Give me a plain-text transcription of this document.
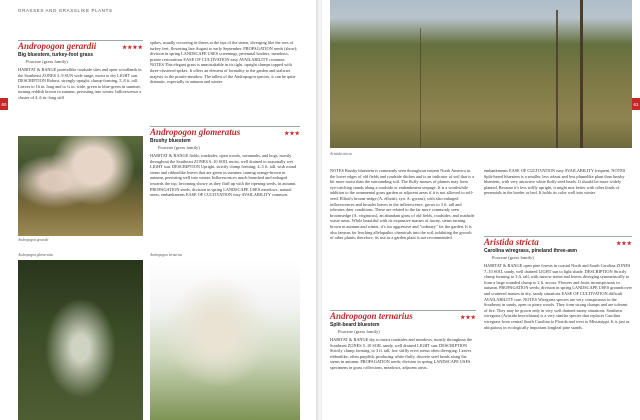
GRASSES AND GRASSLIKE PLANTS
Andropogon gerardii	★★★★
Big bluestem, turkey-foot grass
Poaceae (grass family)
HABITAT & RANGE prairieflike roadside sites and open woodlands in the Southeast ZONES 3–9 SUN wide range, moist to dry LIGHT sun. DESCRIPTION Robust, strongly upright, clump-forming, 5–8 ft. tall. Leaves to 16 in. long and to ¼ in. wide, green to blue-green in summer, turning reddish brown in autumn, persisting into winter. Inflorescence a cluster of 4–6 in.-long stiff
spikes, usually occurring in threes at the tips of the stems, diverging like the toes of turkey feet, flowering late August to early September. PROPAGATION seeds (show); division in spring LANDSCAPE USES screenings, perennial borders, meadows, prairie restorations EASE OF CULTIVATION easy AVAILABILITY common. NOTES This elegant grass is unmistakable in its tight, upright clumps topped with three-clustered spikes. It offers an element of formality to the garden and stalwart majesty to the prairie-meadow. The tallest of the Andropogon species, it can be quite dramatic, especially in autumn and winter.
Andropogon glomeratus	★★★
Brushy bluestem
Poaceae (grass family)
HABITAT & RANGE fields, roadsides, open woods, savannahs, and bogs, mostly throughout the Southeast ZONES 6–10 SOIL moist, well drained to seasonally wet LIGHT sun. DESCRIPTION Upright, strictly clump forming, 4–5 ft. tall, with round stems and ribbonlike leaves that are green in summer, turning orange-brown in autumn, persisting well into winter. Inflorescences much branched and enlarged towards the top, becoming showy as they fluff up with the ripening seeds, in autumn. PROPAGATION seeds; division in spring LANDSCAPE USES meadows, natural areas, embankments EASE OF CULTIVATION easy AVAILABILITY common.
60
Andropogon gerardii
Andropogon glomeratus	Andropogon ternarius
Aristida stricta
61
NOTES Brushy bluestem is commonly seen throughout eastern North America in the lower edges of old fields and roadside ditches and is an indicator of soil that is a bit more moist than the surrounding soil. The fluffy masses of plumes may form eye-catching stands along a roadside or embankment seepage. It is a worthwhile addition to the ornamental grass garden or adjacent areas if it is not allowed to self-seed. Elliott's broom-sedge (A. elliottii, syn. A. gyrans), with also enlarged inflorescences and broader leaves in the inflorescence, grows to 3 ft. tall and tolerates drier conditions. These are related to the far more commonly seen broomsedge (A. virginicus), an abundant grass of old fields, roadsides, and roadside waste areas. While beautiful with its expansive masses of tawny, stems turning brown in autumn and winter, it's too aggressive and "ordinary" for the garden. It is also famous for leaching allelopathic chemicals into the soil, inhibiting the growth of other plants; therefore, its use as a garden plant is not recommended.
Andropogon ternarius	★★★
Split-beard bluestem
Poaceae (grass family)
HABITAT & RANGE dry to moist roadsides and meadows, mostly throughout the Southeast ZONES 5–10 SOIL sandy, well drained LIGHT sun. DESCRIPTION Strictly clump forming, to 3 ft. tall, low stiffly erect stems often diverging. Leaves ribbonlike, often purplish, producing white fluffy, discrete seed heads along the stems in autumn. PROPAGATION seeds; division in spring LANDSCAPE USES specimens in grass collections, meadows, adjacent areas.
embankments EASE OF CULTIVATION easy AVAILABILITY frequent. NOTES Split-beard bluestem is a smaller, less robust and less plumelike plant than brushy bluestem, with very attractive white fluffy seed heads. It should be more widely planted. Because it's less stiffly upright, it might mix better with other kinds of perennials in the border or bed. It holds its color well into winter.
Aristida stricta	★★★
Carolina wiregrass, pineland three-awn
Poaceae (grass family)
HABITAT & RANGE open pine forests in coastal North and South Carolina ZONES 7–10 SOIL sandy, well drained LIGHT sun to light shade. DESCRIPTION Strictly clump forming to 3 ft. tall, with narrow stems and leaves diverging symmetrically to form a large rounded clump to 2 ft. across. Flowers and fruits inconspicuous in autumn. PROPAGATION seeds; division in spring LANDSCAPE USES groundcover and scattered masses in dry, sandy situations EASE OF CULTIVATION difficult AVAILABILITY rare. NOTES Wiregrass species are very conspicuous in the Southeast in sandy, open or piney woods. They form strong clumps and are tolerant of fire. They may be grown only in very well drained sunny situations. Southern wiregrass (Aristida beyrichiana) is a very similar species that replaces Carolina wiregrass from central South Carolina to Florida and west to Mississippi. It is just as ubiquitous in ecologically important longleaf pine stands.
